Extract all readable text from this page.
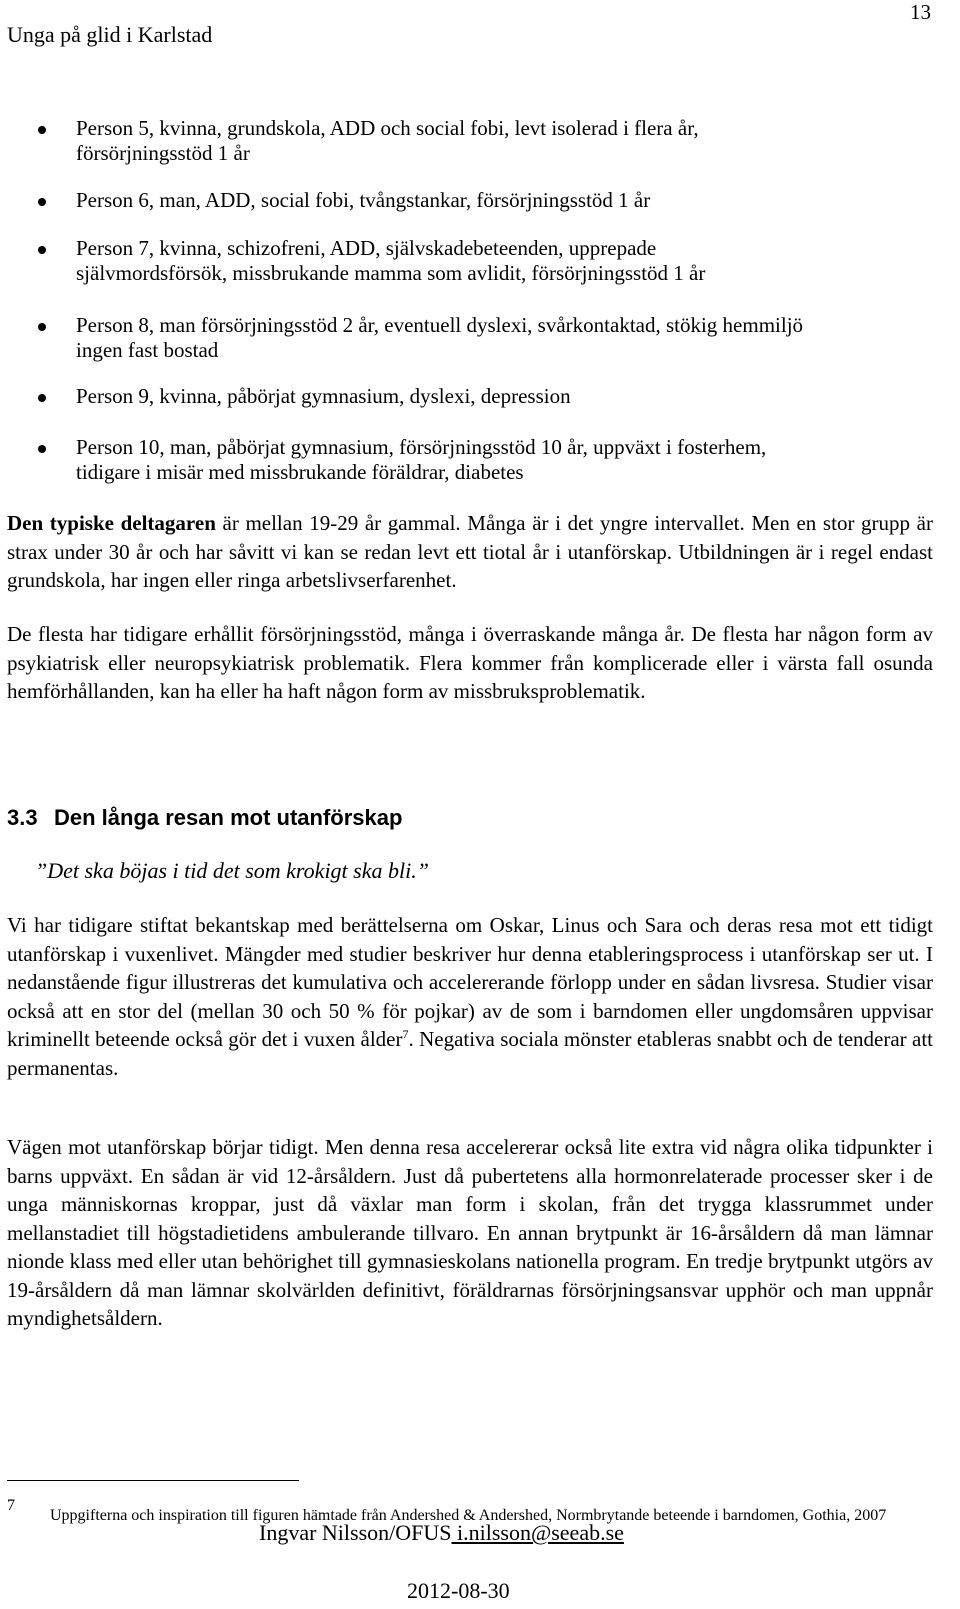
Unga på glid i Karlstad
13
Person 5, kvinna, grundskola, ADD och social fobi, levt isolerad i flera år,
försörjningsstöd 1 år
Person 6, man, ADD, social fobi, tvångstankar, försörjningsstöd 1 år
Person 7, kvinna, schizofreni, ADD, självskadebeteenden, upprepade
självmordsförsök, missbrukande mamma som avlidit, försörjningsstöd 1 år
Person 8, man försörjningsstöd 2 år, eventuell dyslexi, svårkontaktad, stökig hemmiljö
ingen fast bostad
Person 9, kvinna, påbörjat gymnasium, dyslexi, depression
Person 10, man, påbörjat gymnasium, försörjningsstöd 10 år, uppväxt i fosterhem,
tidigare i misär med missbrukande föräldrar, diabetes

Den typiske deltagaren är mellan 19-29 år gammal. Många är i det yngre intervallet. Men en stor grupp är strax under 30 år och har såvitt vi kan se redan levt ett tiotal år i utanförskap. Utbildningen är i regel endast grundskola, har ingen eller ringa arbetslivserfarenhet.

De flesta har tidigare erhållit försörjningsstöd, många i överraskande många år. De flesta har någon form av psykiatrisk eller neuropsykiatrisk problematik. Flera kommer från komplicerade eller i värsta fall osunda hemförhållanden, kan ha eller ha haft någon form av missbruksproblematik.

3.3 Den långa resan mot utanförskap
”Det ska böjas i tid det som krokigt ska bli.”

Vi har tidigare stiftat bekantskap med berättelserna om Oskar, Linus och Sara och deras resa mot ett tidigt utanförskap i vuxenlivet. Mängder med studier beskriver hur denna etableringsprocess i utanförskap ser ut. I nedanstående figur illustreras det kumulativa och accelererande förlopp under en sådan livsresa. Studier visar också att en stor del (mellan 30 och 50 % för pojkar) av de som i barndomen eller ungdomsåren uppvisar kriminellt beteende också gör det i vuxen ålder$^7$. Negativa sociala mönster etableras snabbt och de tenderar att permanentas.

Vägen mot utanförskap börjar tidigt. Men denna resa accelererar också lite extra vid några olika tidpunkter i barns uppväxt. En sådan är vid 12-årsåldern. Just då pubertetens alla hormonrelaterade processer sker i de unga människornas kroppar, just då växlar man form i skolan, från det trygga klassrummet under mellanstadiet till högstadietidens ambulerande tillvaro. En annan brytpunkt är 16-årsåldern då man lämnar nionde klass med eller utan behörighet till gymnasieskolans nationella program. En tredje brytpunkt utgörs av 19-årsåldern då man lämnar skolvärlden definitivt, föräldrarnas försörjningsansvar upphör och man uppnår myndighetsåldern.

7
Uppgifterna och inspiration till figuren hämtade från Andershed & Andershed, Normbrytande beteende i barndomen, Gothia, 2007
Ingvar Nilsson/OFUS i.nilsson@seeab.se
2012-08-30
